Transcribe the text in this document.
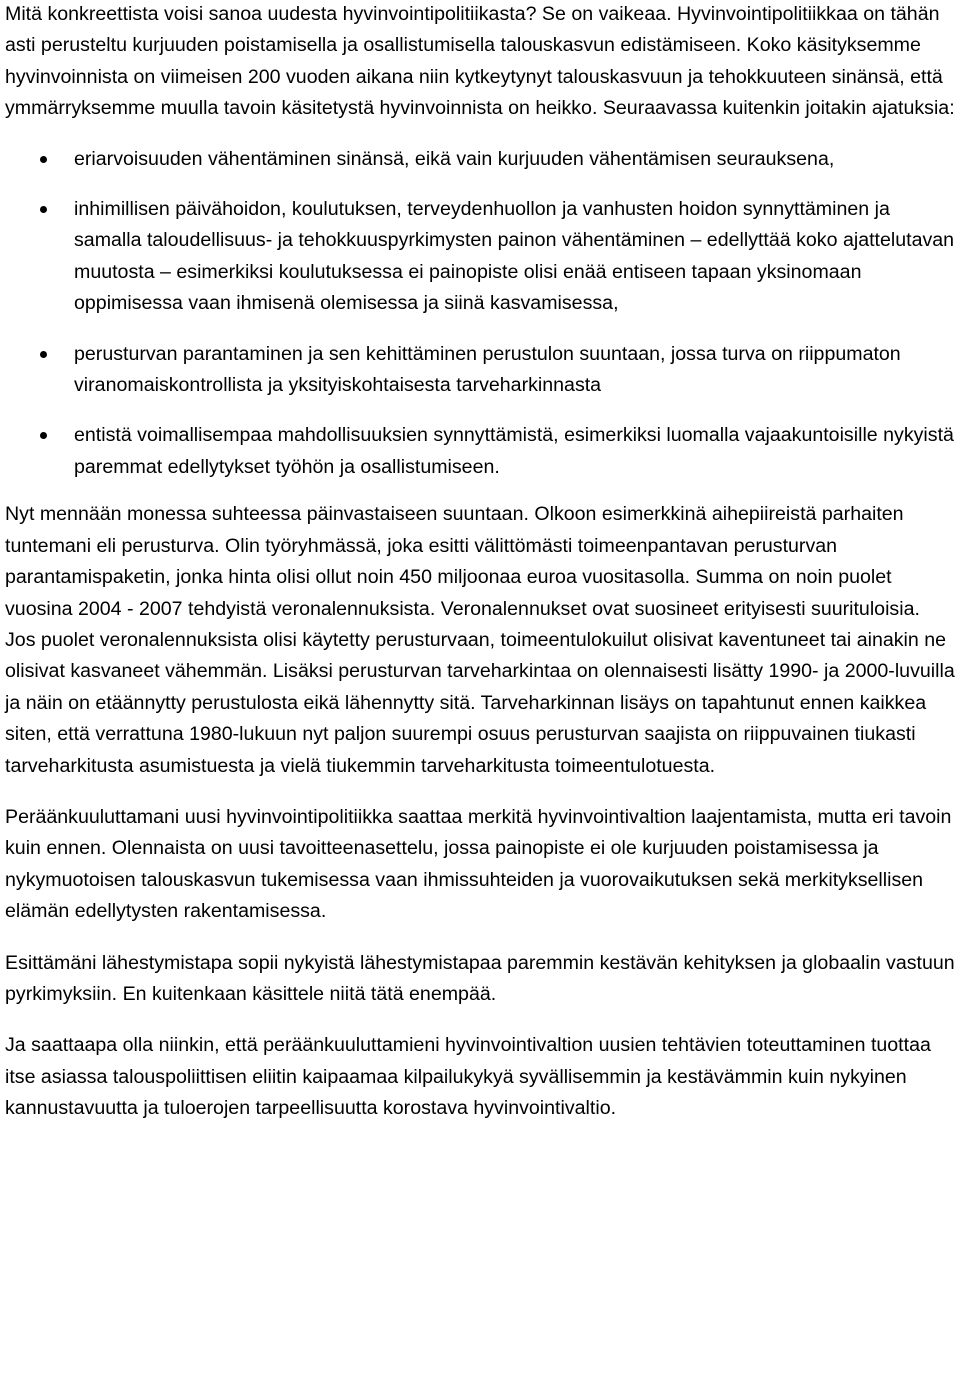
Mitä konkreettista voisi sanoa uudesta hyvinvointipolitiikasta? Se on vaikeaa. Hyvinvointipolitiikkaa on tähän asti perusteltu kurjuuden poistamisella ja osallistumisella talouskasvun edistämiseen. Koko käsityksemme hyvinvoinnista on viimeisen 200 vuoden aikana niin kytkeytynyt talouskasvuun ja tehokkuuteen sinänsä, että ymmärryksemme muulla tavoin käsitetystä hyvinvoinnista on heikko. Seuraavassa kuitenkin joitakin ajatuksia:

eriarvoisuuden vähentäminen sinänsä, eikä vain kurjuuden vähentämisen seurauksena,
inhimillisen päivähoidon, koulutuksen, terveydenhuollon ja vanhusten hoidon synnyttäminen ja samalla taloudellisuus- ja tehokkuuspyrkimysten painon vähentäminen – edellyttää koko ajattelutavan muutosta – esimerkiksi koulutuksessa ei painopiste olisi enää entiseen tapaan yksinomaan oppimisessa vaan ihmisenä olemisessa ja siinä kasvamisessa,
perusturvan parantaminen ja sen kehittäminen perustulon suuntaan, jossa turva on riippumaton viranomaiskontrollista ja yksityiskohtaisesta tarveharkinnasta
entistä voimallisempaa mahdollisuuksien synnyttämistä, esimerkiksi luomalla vajaakuntoisille nykyistä paremmat edellytykset työhön ja osallistumiseen.

Nyt mennään monessa suhteessa päinvastaiseen suuntaan. Olkoon esimerkkinä aihepiireistä parhaiten tuntemani eli perusturva. Olin työryhmässä, joka esitti välittömästi toimeenpantavan perusturvan parantamispaketin, jonka hinta olisi ollut noin 450 miljoonaa euroa vuositasolla. Summa on noin puolet vuosina 2004 - 2007 tehdyistä veronalennuksista. Veronalennukset ovat suosineet erityisesti suurituloisia. Jos puolet veronalennuksista olisi käytetty perusturvaan, toimeentulokuilut olisivat kaventuneet tai ainakin ne olisivat kasvaneet vähemmän. Lisäksi perusturvan tarveharkintaa on olennaisesti lisätty 1990- ja 2000-luvuilla ja näin on etäännytty perustulosta eikä lähennytty sitä. Tarveharkinnan lisäys on tapahtunut ennen kaikkea siten, että verrattuna 1980-lukuun nyt paljon suurempi osuus perusturvan saajista on riippuvainen tiukasti tarveharkitusta asumistuesta ja vielä tiukemmin tarveharkitusta toimeentulotuesta.

Peräänkuuluttamani uusi hyvinvointipolitiikka saattaa merkitä hyvinvointivaltion laajentamista, mutta eri tavoin kuin ennen. Olennaista on uusi tavoitteenasettelu, jossa painopiste ei ole kurjuuden poistamisessa ja nykymuotoisen talouskasvun tukemisessa vaan ihmissuhteiden ja vuorovaikutuksen sekä merkityksellisen elämän edellytysten rakentamisessa.

Esittämäni lähestymistapa sopii nykyistä lähestymistapaa paremmin kestävän kehityksen ja globaalin vastuun pyrkimyksiin. En kuitenkaan käsittele niitä tätä enempää.

Ja saattaapa olla niinkin, että peräänkuuluttamieni hyvinvointivaltion uusien tehtävien toteuttaminen tuottaa itse asiassa talouspoliittisen eliitin kaipaamaa kilpailukykyä syvällisemmin ja kestävämmin kuin nykyinen kannustavuutta ja tuloerojen tarpeellisuutta korostava hyvinvointivaltio.
